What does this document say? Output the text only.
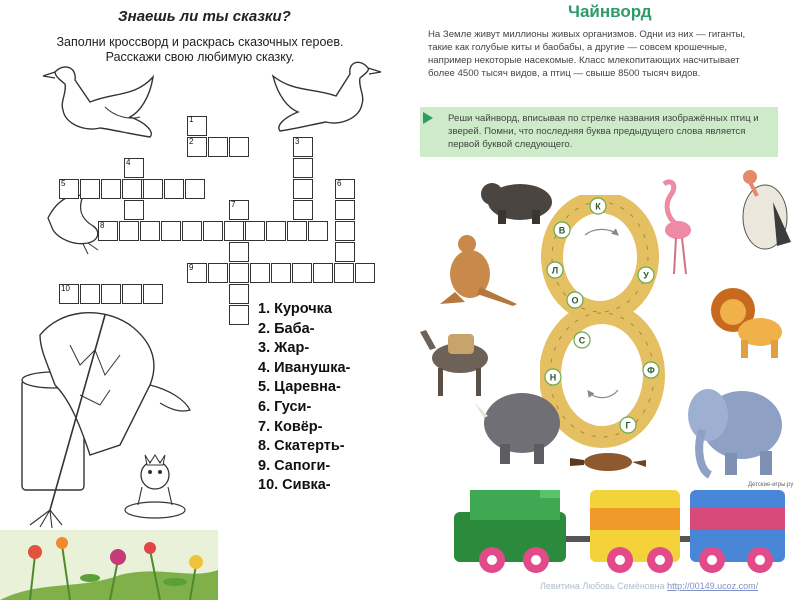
Знаешь ли ты сказки?
Заполни кроссворд и раскрась сказочных героев.
Расскажи свою любимую сказку.
1
2	3
4
5	6
7
8
9
10
1. Курочка
2. Баба-
3. Жар-
4. Иванушка-
5. Царевна-
6. Гуси-
7. Ковёр-
8. Скатерть-
9. Сапоги-
10. Сивка-
Чайнворд
На Земле живут миллионы живых организмов. Одни из них — гиганты, такие как голубые киты и баобабы, а другие — совсем крошечные, например некоторые насекомые. Класс млекопитающих насчитывает более 4500 тысяч видов, а птиц — свыше 8500 тысяч видов.
Реши чайнворд, вписывая по стрелке названия изображённых птиц и зверей. Помни, что последняя буква предыдущего слова является первой буквой следующего.
К
В
Л
О
У
С
Н
Ф
Г
Детские-игры.ру
Левитина Любовь Семёновна http://00149.ucoz.com/
